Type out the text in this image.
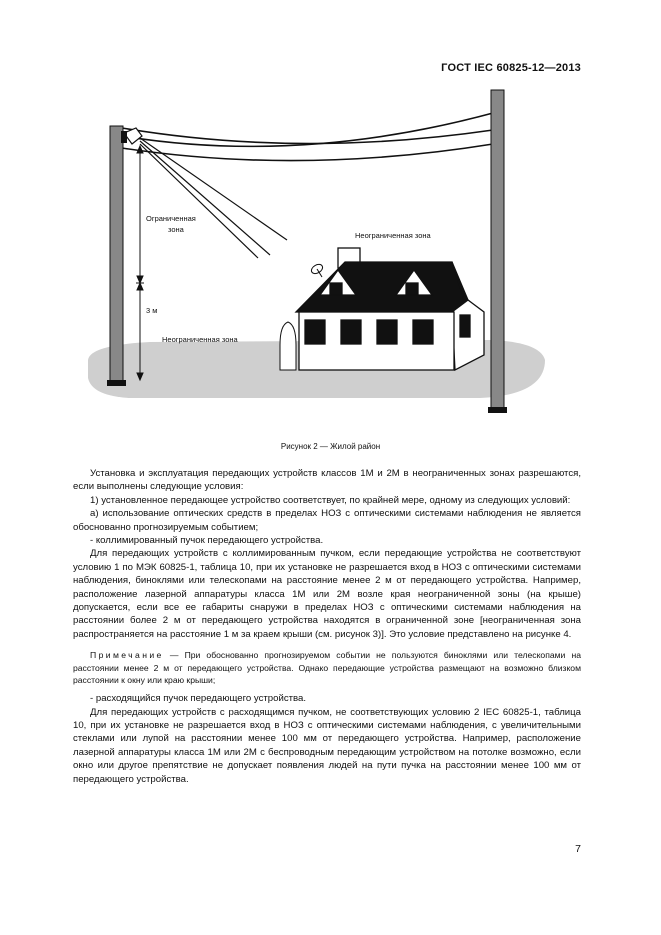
ГОСТ IEC 60825-12—2013
Ограниченная
зона
3 м
Неограниченная зона
Неограниченная зона
Рисунок 2 — Жилой район

Установка и эксплуатация передающих устройств классов 1М и 2М в неограниченных зонах разрешаются, если выполнены следующие условия:

1) установленное передающее устройство соответствует, по крайней мере, одному из следующих условий:

а) использование оптических средств в пределах НОЗ с оптическими системами наблюдения не является обоснованно прогнозируемым событием;

- коллимированный пучок передающего устройства.

Для передающих устройств с коллимированным пучком, если передающие устройства не соответствуют условию 1 по МЭК 60825-1, таблица 10, при их установке не разрешается вход в НОЗ с оптическими системами наблюдения, биноклями или телескопами на расстояние менее 2 м от передающего устройства. Например, расположение лазерной аппаратуры класса 1М или 2М возле края неограниченной зоны (на крыше) допускается, если все ее габариты снаружи в пределах НОЗ с оптическими системами наблюдения на расстоянии более 2 м от передающего устройства находятся в ограниченной зоне [неограниченная зона распространяется на расстояние 1 м за краем крыши (см. рисунок 3)]. Это условие представлено на рисунке 4.

Примечание — При обоснованно прогнозируемом событии не пользуются биноклями или телескопами на расстоянии менее 2 м от передающего устройства. Однако передающие устройства размещают на возможно близком расстоянии к окну или краю крыши;

- расходящийся пучок передающего устройства.

Для передающих устройств с расходящимся пучком, не соответствующих условию 2 IEC 60825-1, таблица 10, при их установке не разрешается вход в НОЗ с оптическими системами наблюдения, с увеличительными стеклами или лупой на расстоянии менее 100 мм от передающего устройства. Например, расположение лазерной аппаратуры класса 1М или 2М с беспроводным передающим устройством на потолке возможно, если окно или другое препятствие не допускает появления людей на пути пучка на расстоянии менее 100 мм от передающего устройства.

7
